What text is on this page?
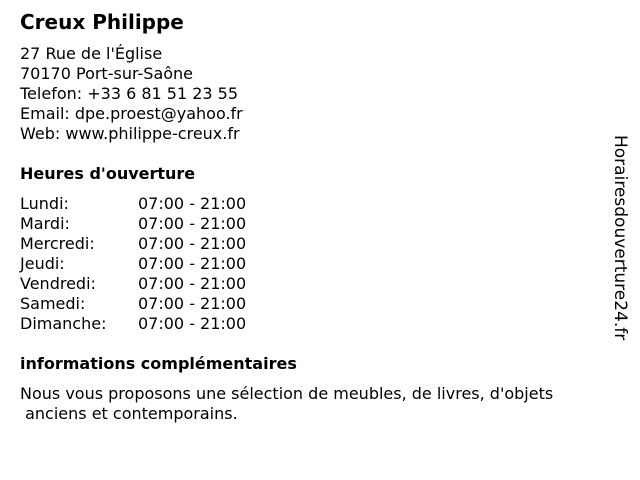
Creux Philippe
27 Rue de l'Église
70170 Port-sur-Saône
Telefon: +33 6 81 51 23 55
Email: dpe.proest@yahoo.fr
Web: www.philippe-creux.fr
Heures d'ouverture
Lundi:	07:00 - 21:00
Mardi:	07:00 - 21:00
Mercredi:	07:00 - 21:00
Jeudi:	07:00 - 21:00
Vendredi:	07:00 - 21:00
Samedi:	07:00 - 21:00
Dimanche: 07:00 - 21:00
informations complémentaires
Nous vous proposons une sélection de meubles, de livres, d'objets
anciens et contemporains.
Horairesdouverture24.fr
